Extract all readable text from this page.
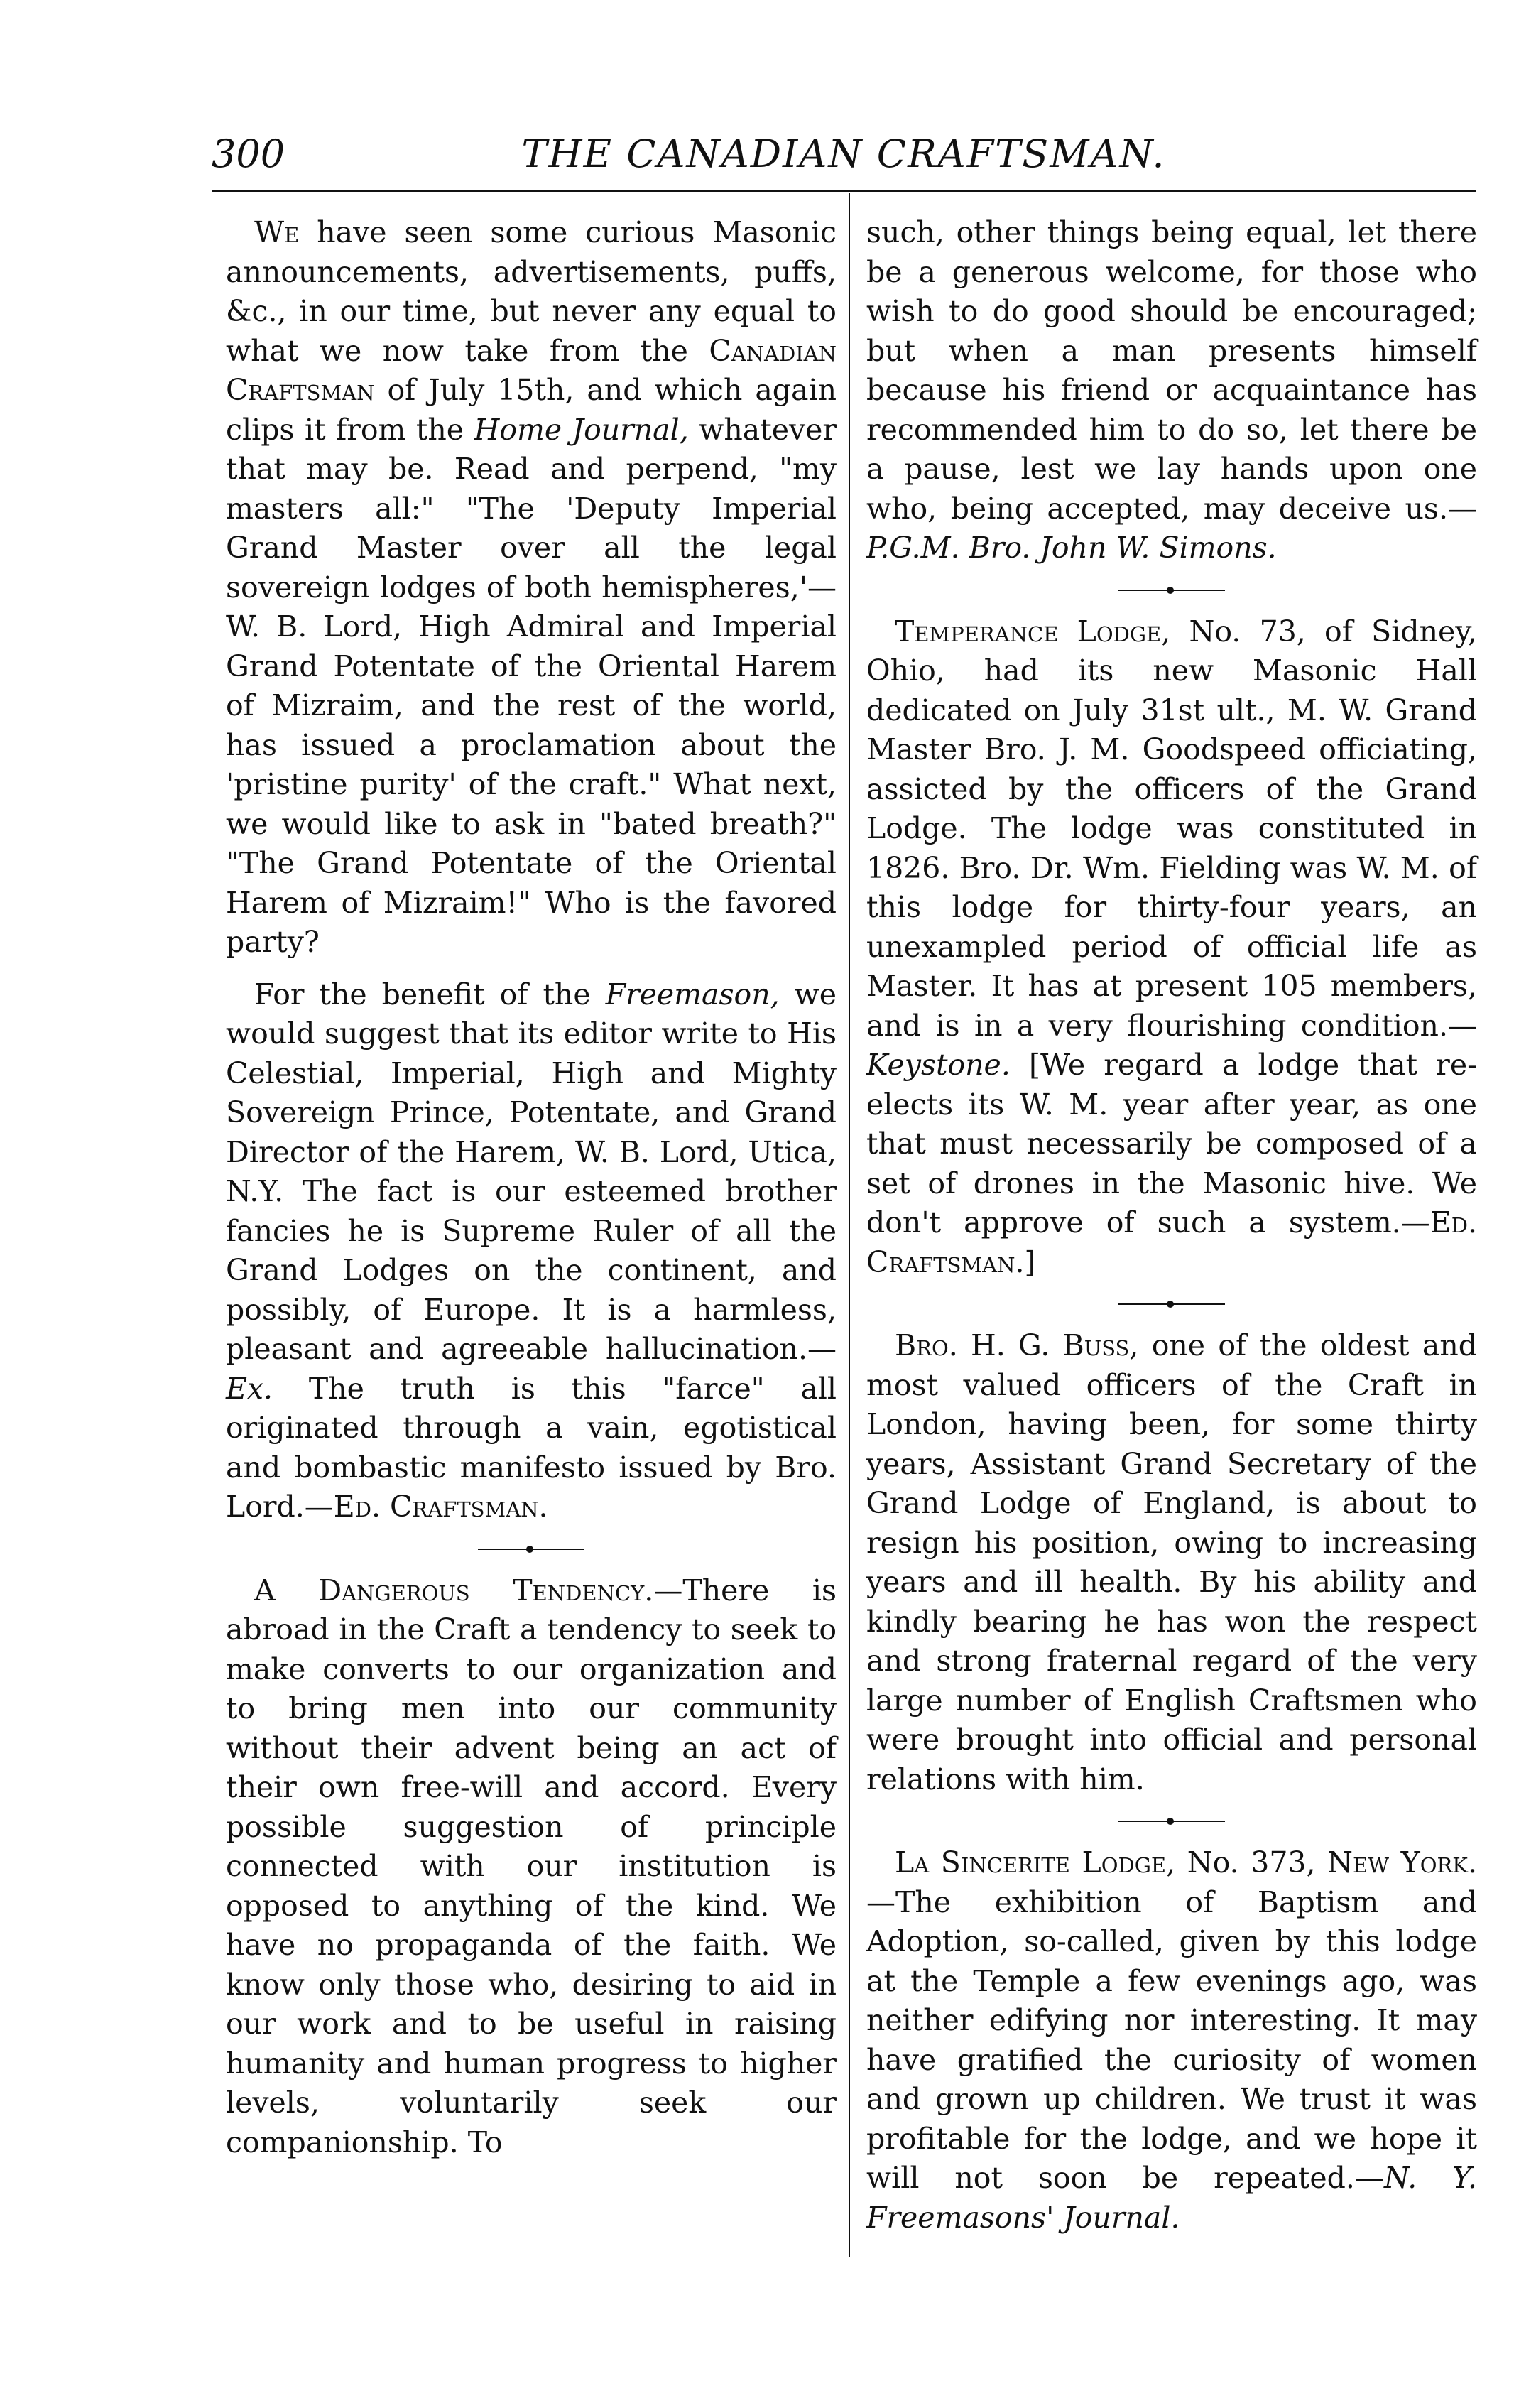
300	THE CANADIAN CRAFTSMAN.

We have seen some curious Masonic announcements, advertisements, puffs, &c., in our time, but never any equal to what we now take from the Canadian Craftsman of July 15th, and which again clips it from the Home Journal, whatever that may be. Read and perpend, "my masters all:" "The 'Deputy Imperial Grand Master over all the legal sovereign lodges of both hemispheres,'—W. B. Lord, High Admiral and Imperial Grand Potentate of the Oriental Harem of Mizraim, and the rest of the world, has issued a proclamation about the 'pristine purity' of the craft." What next, we would like to ask in "bated breath?" "The Grand Potentate of the Oriental Harem of Mizraim!" Who is the favored party?

For the benefit of the Freemason, we would suggest that its editor write to His Celestial, Imperial, High and Mighty Sovereign Prince, Potentate, and Grand Director of the Harem, W. B. Lord, Utica, N.Y. The fact is our esteemed brother fancies he is Supreme Ruler of all the Grand Lodges on the continent, and possibly, of Europe. It is a harmless, pleasant and agreeable hallucination.—Ex. The truth is this "farce" all originated through a vain, egotistical and bombastic manifesto issued by Bro. Lord.—Ed. Craftsman.

A Dangerous Tendency.—There is abroad in the Craft a tendency to seek to make converts to our organization and to bring men into our community without their advent being an act of their own free-will and accord. Every possible suggestion of principle connected with our institution is opposed to anything of the kind. We have no propaganda of the faith. We know only those who, desiring to aid in our work and to be useful in raising humanity and human progress to higher levels, voluntarily seek our companionship. To

such, other things being equal, let there be a generous welcome, for those who wish to do good should be encouraged; but when a man presents himself because his friend or acquaintance has recommended him to do so, let there be a pause, lest we lay hands upon one who, being accepted, may deceive us.—P.G.M. Bro. John W. Simons.

Temperance Lodge, No. 73, of Sidney, Ohio, had its new Masonic Hall dedicated on July 31st ult., M. W. Grand Master Bro. J. M. Goodspeed officiating, assicted by the officers of the Grand Lodge. The lodge was constituted in 1826. Bro. Dr. Wm. Fielding was W. M. of this lodge for thirty-four years, an unexampled period of official life as Master. It has at present 105 members, and is in a very flourishing condition.—Keystone. [We regard a lodge that re-elects its W. M. year after year, as one that must necessarily be composed of a set of drones in the Masonic hive. We don't approve of such a system.—Ed. Craftsman.]

Bro. H. G. Buss, one of the oldest and most valued officers of the Craft in London, having been, for some thirty years, Assistant Grand Secretary of the Grand Lodge of England, is about to resign his position, owing to increasing years and ill health. By his ability and kindly bearing he has won the respect and strong fraternal regard of the very large number of English Craftsmen who were brought into official and personal relations with him.

La Sincerite Lodge, No. 373, New York.—The exhibition of Baptism and Adoption, so-called, given by this lodge at the Temple a few evenings ago, was neither edifying nor interesting. It may have gratified the curiosity of women and grown up children. We trust it was profitable for the lodge, and we hope it will not soon be repeated.—N. Y. Freemasons' Journal.
